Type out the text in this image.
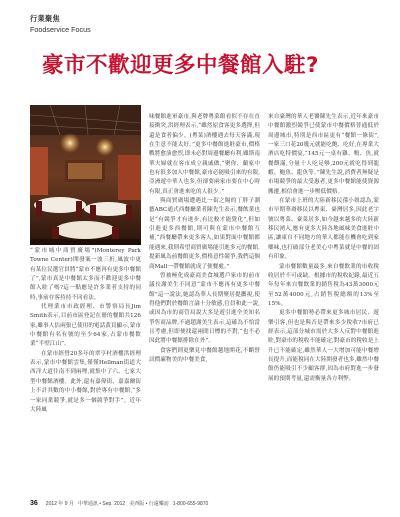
行業聚焦
Foodservice Focus
豪市不歡迎更多中餐館入駐?

“蒙市城中商貿廣場”(Monterey Park Towne Center)開發案一波三折,風波中更有某位民選官員將“蒙市不應再有更多中餐館了”,蒙市真是中餐館太多而不歡迎更多中餐館入駐了嗎?這一點應是許多業者支持的同時,事前存客持持不同看法。

代理業市市政經理、市警察局長Jim Smith表示,目前市區登記在冊的餐館共126家,雖事人估兩張已使用的電話黃頁顯示,蒙市中餐館有名有號的至少64家,占蒙市餐飲業“半壁江山”。

在蒙市經營20多年的翠亨村酒樓洪經理表示,蒙市中餐館雲集,僅僅Hellman街道大西洋大道往南不到兩哩,就集中了六、七家大型中餐館酒樓。此外,還有嘉偉街、嘉嘉爾街上不計其數的中小餐館,對於專有中餐館,“多一家同業競爭,就是多一個競爭對手”。近年大陸風

味餐館進軍豪市,與老牌粵菜館看似不存在直接衝突,洪經理表示,“雖然原食客更多選擇,但還是食者偏少。(粵菜)酒樓遇去每天客滿,現在生意不能太好。”更多中餐館進駐豪市,價格戰將愈演愈烈,即未必對周邊餐廳有利,雖斯南華夫婦就在客市成立親戚做,“聚你、蘭家中也有很多加入中餐館,豪市必能吸引來的有限,亞洲遊中華人也多,但卻要兩家市要在中心時有限,真正會進來吃的人很少。”

與商貿廣場遭遇比一街之隔的丁胖子潮藝ABC通式西餐廳業者陳先生表示,餐飲業也是“有競爭才有進步,有比較才能覺化”,但如引進更多西餐館,則可與在蒙市中餐館互補,“西餐廳帶來更多客人,如果對面中餐館都能遇來,我則希望商貿廣場能引進多元的餐館,提新風為前餐館更多,價格意性競爭,我們這個商Mall一帶餐館就成了便餐處。”

曾被極化成豪商美食城選戶家市的前市議長謝美生不同意“蒙市不應再有更多中餐館”這一說法,她認為華人長期聚居提攜視,使得他們對於餐館言論十分敏感,官員和此一說,或因為市的商管局說大多是遊引進全美知名爭售商品牌,不過趙謝美生表示,這確為不恰當且考慮,但即便找還兩間日標的不對,“也不必因此將中餐館排除在外”。

食客們則更樂見中餐館越地開花,不斷營試價廉物美的中餐美食,

來自臺灣的華人老饕陳先生表示,近年來豪市中餐館激烈競爭已使蒙市中餐價格普通低於周邊城市,特別是西市區更有“餐館一條街”,一家三口花20幾元就能吃飽、吃好,在專業大酒店吃特價宴,“145元一桌有雞、鴨、魚,就餐饌滿,分量十人吃足够,200元就吃得到龍蝦、鮑魚、龍魚等。”陳先生說,消費者無疑是市場競爭的最大受惠者,更多中餐館能使資源搬遷,相信會進一步壓低價格。

在蒙市上班的大陸新移民孫小姐認為,蒙市早期華裔移民以粵東、臺灣居多,因此老字號以粵菜、臺菜居多,如今越來越多的大陸新移民湧入,應有更多大陸各地風味美食進駐中區,讓東自不同地方的華人都能在機會吃到家鄉味,也打破部分老美心中粵菜就是中餐的固有印象。

蒙市餐館數量最多,來自餐飲業的市收稅收居於不可或缺。根據市的稅收紀錄,最近五年每年來自餐飲業的銷售稅為43萬3000元至52萬4000元,占銷售稅總額的13%至15%。

更多中餐館勢必帶來更多城市居民、遊樂引客,但也是與否是帶來多少稅收?市府已經表示,這部分城市需於大多人反對中餐館進駐,對豪市的稅收不能確定,對豪市的稅收是上升已不能確定,雖然華人一大增加可能中餐增長提升,而能稅同在大陸開發者也多,雖然中餐館仍能吸引不少顧客群,因為市府對進一步發展的預期考量,還需衡量各方利弊。

36 2012 年 9 月 中華通訊 • Sep. 2012 美西版 • 行遠樂訪 1-800-655-9870
